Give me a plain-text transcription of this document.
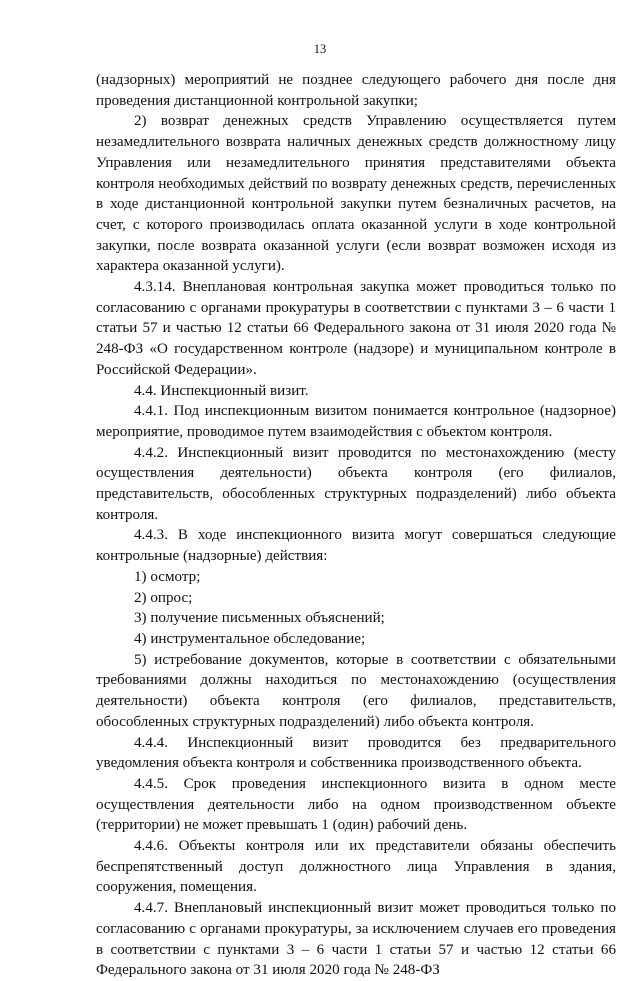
13

(надзорных) мероприятий не позднее следующего рабочего дня после дня проведения дистанционной контрольной закупки;

2) возврат денежных средств Управлению осуществляется путем незамедлительного возврата наличных денежных средств должностному лицу Управления или незамедлительного принятия представителями объекта контроля необходимых действий по возврату денежных средств, перечисленных в ходе дистанционной контрольной закупки путем безналичных расчетов, на счет, с которого производилась оплата оказанной услуги в ходе контрольной закупки, после возврата оказанной услуги (если возврат возможен исходя из характера оказанной услуги).

4.3.14. Внеплановая контрольная закупка может проводиться только по согласованию с органами прокуратуры в соответствии с пунктами 3 – 6 части 1 статьи 57 и частью 12 статьи 66 Федерального закона от 31 июля 2020 года № 248-ФЗ «О государственном контроле (надзоре) и муниципальном контроле в Российской Федерации».

4.4. Инспекционный визит.

4.4.1. Под инспекционным визитом понимается контрольное (надзорное) мероприятие, проводимое путем взаимодействия с объектом контроля.

4.4.2. Инспекционный визит проводится по местонахождению (месту осуществления деятельности) объекта контроля (его филиалов, представительств, обособленных структурных подразделений) либо объекта контроля.

4.4.3. В ходе инспекционного визита могут совершаться следующие контрольные (надзорные) действия:

1) осмотр;

2) опрос;

3) получение письменных объяснений;

4) инструментальное обследование;

5) истребование документов, которые в соответствии с обязательными требованиями должны находиться по местонахождению (осуществления деятельности) объекта контроля (его филиалов, представительств, обособленных структурных подразделений) либо объекта контроля.

4.4.4. Инспекционный визит проводится без предварительного уведомления объекта контроля и собственника производственного объекта.

4.4.5. Срок проведения инспекционного визита в одном месте осуществления деятельности либо на одном производственном объекте (территории) не может превышать 1 (один) рабочий день.

4.4.6. Объекты контроля или их представители обязаны обеспечить беспрепятственный доступ должностного лица Управления в здания, сооружения, помещения.

4.4.7. Внеплановый инспекционный визит может проводиться только по согласованию с органами прокуратуры, за исключением случаев его проведения в соответствии с пунктами 3 – 6 части 1 статьи 57 и частью 12 статьи 66 Федерального закона от 31 июля 2020 года № 248-ФЗ
